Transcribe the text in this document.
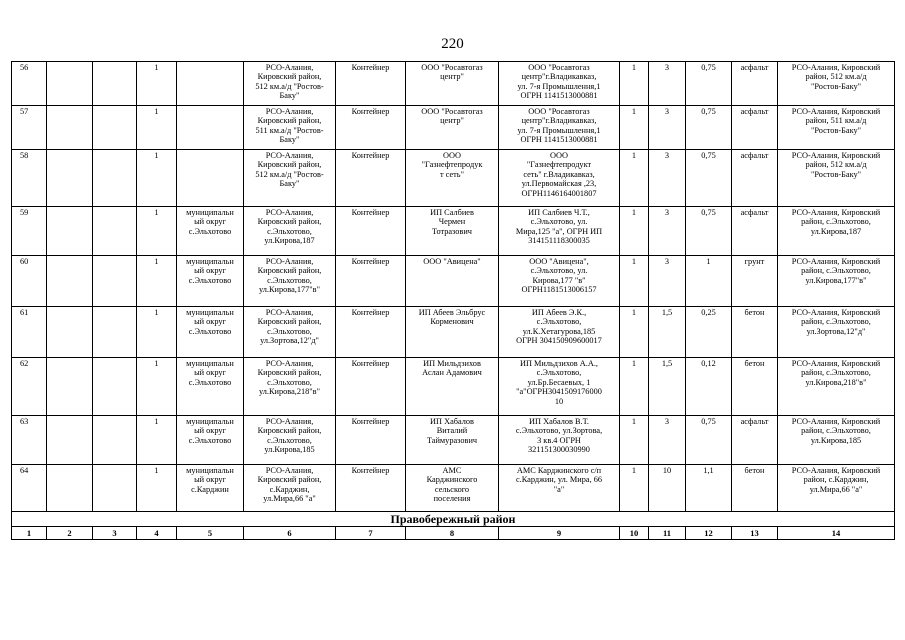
220
56			1		РСО-Алания,
Кировский район,
512 км.а/д "Ростов-
Баку"	Контейнер	ООО "Росавтогаз
центр"	ООО "Росавтогаз
центр"г.Владикавказ,
ул. 7-я Промышлення,1
ОГРН 1141513000881	1	3	0,75	асфальт	РСО-Алания, Кировский
район, 512 км.а/д
"Ростов-Баку"
57			1		РСО-Алания,
Кировский район,
511 км.а/д "Ростов-
Баку"	Контейнер	ООО "Росавтогаз
центр"	ООО "Росавтогаз
центр"г.Владикавказ,
ул. 7-я Промышлення,1
ОГРН 1141513000881	1	3	0,75	асфальт	РСО-Алания, Кировский
район, 511 км.а/д
"Ростов-Баку"
58			1		РСО-Алания,
Кировский район,
512 км.а/д "Ростов-
Баку"	Контейнер	ООО
"Газнефтепродук
т сеть"	ООО
"Газнефтепродукт
сеть" г.Владикавказ,
ул.Первомайская ,23,
ОГРН1146164001807	1	3	0,75	асфальт	РСО-Алания, Кировский
район, 512 км.а/д
"Ростов-Баку"
59			1	муниципальн
ый округ
с.Эльхотово	РСО-Алания,
Кировский район,
с.Эльхотово,
ул.Кирова,187	Контейнер	ИП Салбиев
Чермен
Тотразович	ИП Салбиев Ч.Т.,
с.Эльхотово, ул.
Мира,125 "а", ОГРН ИП
314151118300035	1	3	0,75	асфальт	РСО-Алания, Кировский
район, с.Эльхотово,
ул.Кирова,187
60			1	муниципальн
ый округ
с.Эльхотово	РСО-Алания,
Кировский район,
с.Эльхотово,
ул.Кирова,177"в"	Контейнер	ООО "Авицена"	ООО "Авицена",
с.Эльхотово, ул.
Кирова,177 "в"
ОГРН1181513006157	1	3	1	грунт	РСО-Алания, Кировский
район, с.Эльхотово,
ул.Кирова,177"в"
61			1	муниципальн
ый округ
с.Эльхотово	РСО-Алания,
Кировский район,
с.Эльхотово,
ул.Зортова,12"д"	Контейнер	ИП Абеев Эльбрус
Корменович	ИП Абеев Э.К.,
с.Эльхотово,
ул.К.Хетагурова,185
ОГРН 304150909600017	1	1,5	0,25	бетон	РСО-Алания, Кировский
район, с.Эльхотово,
ул.Зортова,12"д"
62			1	муниципальн
ый округ
с.Эльхотово	РСО-Алания,
Кировский район,
с.Эльхотово,
ул.Кирова,218"в"	Контейнер	ИП Мильдзихов
Аслан Адамович	ИП Мильдзихов А.А.,
с.Эльхотово,
ул.Бр.Бесаевых, 1
"а"ОГРН3041509176000
10	1	1,5	0,12	бетон	РСО-Алания, Кировский
район, с.Эльхотово,
ул.Кирова,218"в"
63			1	муниципальн
ый округ
с.Эльхотово	РСО-Алания,
Кировский район,
с.Эльхотово,
ул.Кирова,185	Контейнер	ИП Хабалов
Виталий
Таймуразович	ИП Хабалов В.Т.
с.Эльхотово, ул.Зортова,
3 кв.4 ОГРН
321151300030990	1	3	0,75	асфальт	РСО-Алания, Кировский
район, с.Эльхотово,
ул.Кирова,185
64			1	муниципальн
ый округ
с.Карджин	РСО-Алания,
Кировский район,
с.Карджин,
ул.Мира,66 "а"	Контейнер	АМС
Карджинского
сельского
поселения	АМС Карджинского с/п
с.Карджин, ул. Мира, 66
"а"	1	10	1,1	бетон	РСО-Алания, Кировский
район, с.Карджин,
ул.Мира,66 "а"
Правобережный район													
1	2	3	4	5	6	7	8	9	10	11	12	13	14
